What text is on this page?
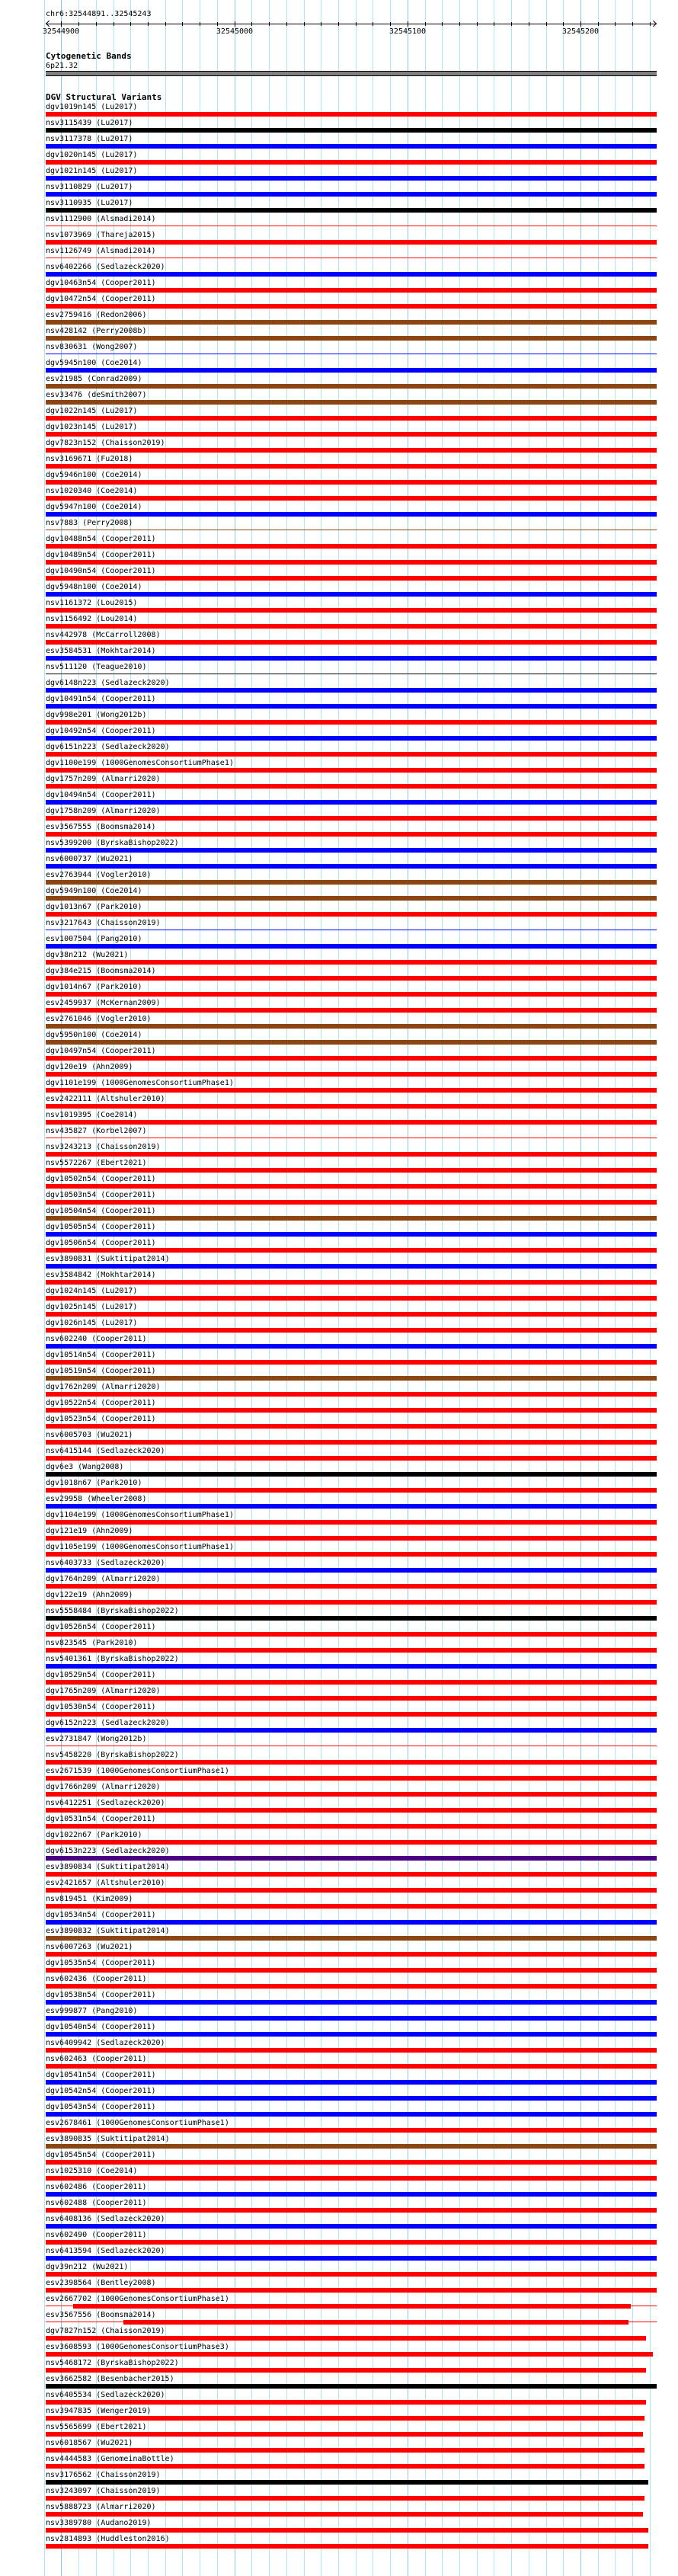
chr6:32544891..32545243
32544900	32545000	32545100	32545200
Cytogenetic Bands
6p21.32
DGV Structural Variants
dgv1019n145 (Lu2017)
nsv3115439 (Lu2017)
nsv3117378 (Lu2017)
dgv1020n145 (Lu2017)
dgv1021n145 (Lu2017)
nsv3110829 (Lu2017)
nsv3110935 (Lu2017)
nsv1112900 (Alsmadi2014)
nsv1073969 (Thareja2015)
nsv1126749 (Alsmadi2014)
nsv6402266 (Sedlazeck2020)
dgv10463n54 (Cooper2011)
dgv10472n54 (Cooper2011)
esv2759416 (Redon2006)
nsv428142 (Perry2008b)
nsv830631 (Wong2007)
dgv5945n100 (Coe2014)
esv21985 (Conrad2009)
esv33476 (deSmith2007)
dgv1022n145 (Lu2017)
dgv1023n145 (Lu2017)
dgv7823n152 (Chaisson2019)
nsv3169671 (Fu2018)
dgv5946n100 (Coe2014)
nsv1020340 (Coe2014)
dgv5947n100 (Coe2014)
nsv7883 (Perry2008)
dgv10488n54 (Cooper2011)
dgv10489n54 (Cooper2011)
dgv10490n54 (Cooper2011)
dgv5948n100 (Coe2014)
nsv1161372 (Lou2015)
nsv1156492 (Lou2014)
nsv442978 (McCarroll2008)
esv3584531 (Mokhtar2014)
nsv511120 (Teague2010)
dgv6148n223 (Sedlazeck2020)
dgv10491n54 (Cooper2011)
dgv998e201 (Wong2012b)
dgv10492n54 (Cooper2011)
dgv6151n223 (Sedlazeck2020)
dgv1100e199 (1000GenomesConsortiumPhase1)
dgv1757n209 (Almarri2020)
dgv10494n54 (Cooper2011)
dgv1758n209 (Almarri2020)
esv3567555 (Boomsma2014)
nsv5399200 (ByrskaBishop2022)
nsv6000737 (Wu2021)
esv2763944 (Vogler2010)
dgv5949n100 (Coe2014)
dgv1013n67 (Park2010)
nsv3217643 (Chaisson2019)
esv1007504 (Pang2010)
dgv38n212 (Wu2021)
dgv384e215 (Boomsma2014)
dgv1014n67 (Park2010)
esv2459937 (McKernan2009)
esv2761046 (Vogler2010)
dgv5950n100 (Coe2014)
dgv10497n54 (Cooper2011)
dgv120e19 (Ahn2009)
dgv1101e199 (1000GenomesConsortiumPhase1)
esv2422111 (Altshuler2010)
nsv1019395 (Coe2014)
nsv435827 (Korbel2007)
nsv3243213 (Chaisson2019)
nsv5572267 (Ebert2021)
dgv10502n54 (Cooper2011)
dgv10503n54 (Cooper2011)
dgv10504n54 (Cooper2011)
dgv10505n54 (Cooper2011)
dgv10506n54 (Cooper2011)
esv3890831 (Suktitipat2014)
esv3584842 (Mokhtar2014)
dgv1024n145 (Lu2017)
dgv1025n145 (Lu2017)
dgv1026n145 (Lu2017)
nsv602240 (Cooper2011)
dgv10514n54 (Cooper2011)
dgv10519n54 (Cooper2011)
dgv1762n209 (Almarri2020)
dgv10522n54 (Cooper2011)
dgv10523n54 (Cooper2011)
nsv6005703 (Wu2021)
nsv6415144 (Sedlazeck2020)
dgv6e3 (Wang2008)
dgv1018n67 (Park2010)
esv29958 (Wheeler2008)
dgv1104e199 (1000GenomesConsortiumPhase1)
dgv121e19 (Ahn2009)
dgv1105e199 (1000GenomesConsortiumPhase1)
nsv6403733 (Sedlazeck2020)
dgv1764n209 (Almarri2020)
dgv122e19 (Ahn2009)
nsv5558484 (ByrskaBishop2022)
dgv10526n54 (Cooper2011)
nsv823545 (Park2010)
nsv5401361 (ByrskaBishop2022)
dgv10529n54 (Cooper2011)
dgv1765n209 (Almarri2020)
dgv10530n54 (Cooper2011)
dgv6152n223 (Sedlazeck2020)
esv2731847 (Wong2012b)
nsv5458220 (ByrskaBishop2022)
esv2671539 (1000GenomesConsortiumPhase1)
dgv1766n209 (Almarri2020)
nsv6412251 (Sedlazeck2020)
dgv10531n54 (Cooper2011)
dgv1022n67 (Park2010)
dgv6153n223 (Sedlazeck2020)
esv3890834 (Suktitipat2014)
esv2421657 (Altshuler2010)
nsv819451 (Kim2009)
dgv10534n54 (Cooper2011)
esv3890832 (Suktitipat2014)
nsv6007263 (Wu2021)
dgv10535n54 (Cooper2011)
nsv602436 (Cooper2011)
dgv10538n54 (Cooper2011)
esv999877 (Pang2010)
dgv10540n54 (Cooper2011)
nsv6409942 (Sedlazeck2020)
nsv602463 (Cooper2011)
dgv10541n54 (Cooper2011)
dgv10542n54 (Cooper2011)
dgv10543n54 (Cooper2011)
esv2678461 (1000GenomesConsortiumPhase1)
esv3890835 (Suktitipat2014)
dgv10545n54 (Cooper2011)
nsv1025310 (Coe2014)
nsv602486 (Cooper2011)
nsv602488 (Cooper2011)
nsv6408136 (Sedlazeck2020)
nsv602490 (Cooper2011)
nsv6413594 (Sedlazeck2020)
dgv39n212 (Wu2021)
esv2398564 (Bentley2008)
esv2667702 (1000GenomesConsortiumPhase1)
esv3567556 (Boomsma2014)
dgv7827n152 (Chaisson2019)
esv3608593 (1000GenomesConsortiumPhase3)
nsv5468172 (ByrskaBishop2022)
esv3662582 (Besenbacher2015)
nsv6405534 (Sedlazeck2020)
nsv3947835 (Wenger2019)
nsv5565699 (Ebert2021)
nsv6018567 (Wu2021)
nsv4444583 (GenomeinaBottle)
nsv3176562 (Chaisson2019)
nsv3243097 (Chaisson2019)
nsv5888723 (Almarri2020)
nsv3389780 (Audano2019)
nsv2814893 (Huddleston2016)
